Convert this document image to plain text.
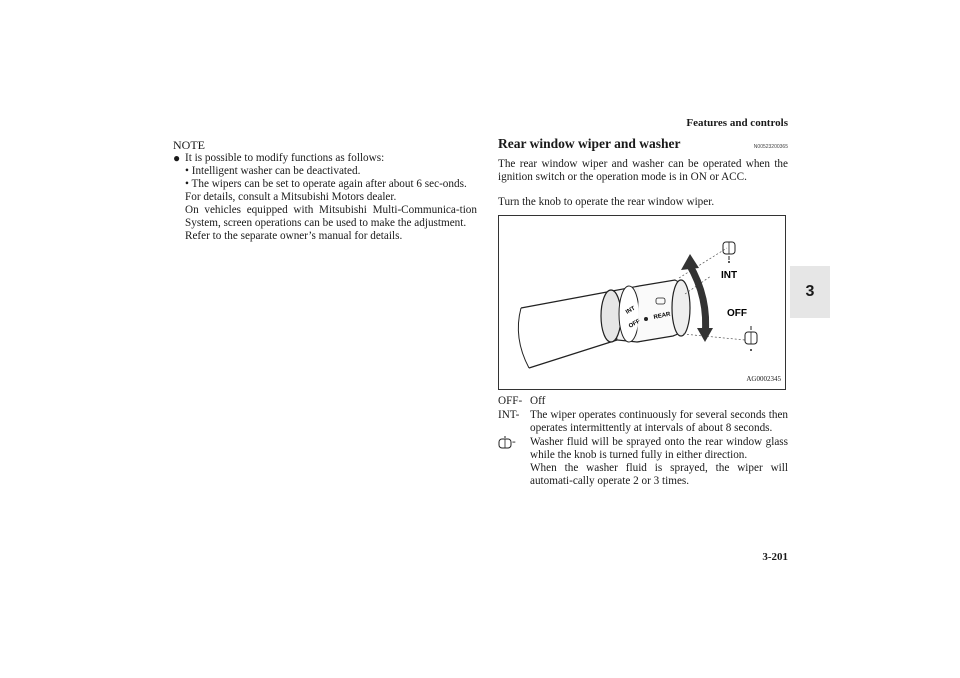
Features and controls
3
NOTE
● It is possible to modify functions as follows:
• Intelligent washer can be deactivated.
• The wipers can be set to operate again after about 6 sec-onds.
For details, consult a Mitsubishi Motors dealer.
On vehicles equipped with Mitsubishi Multi-Communica-tion System, screen operations can be used to make the adjustment.
Refer to the separate owner’s manual for details.
Rear window wiper and washer	N00523200365
The rear window wiper and washer can be operated when the ignition switch or the operation mode is in ON or ACC.
Turn the knob to operate the rear window wiper.
REAR
INT
OFF
INT
OFF
AG0002345
OFF- Off
INT- The wiper operates continuously for several seconds then operates intermittently at intervals of about 8 seconds.
- Washer fluid will be sprayed onto the rear window glass while the knob is turned fully in either direction.
When the washer fluid is sprayed, the wiper will automati-cally operate 2 or 3 times.
3-201
